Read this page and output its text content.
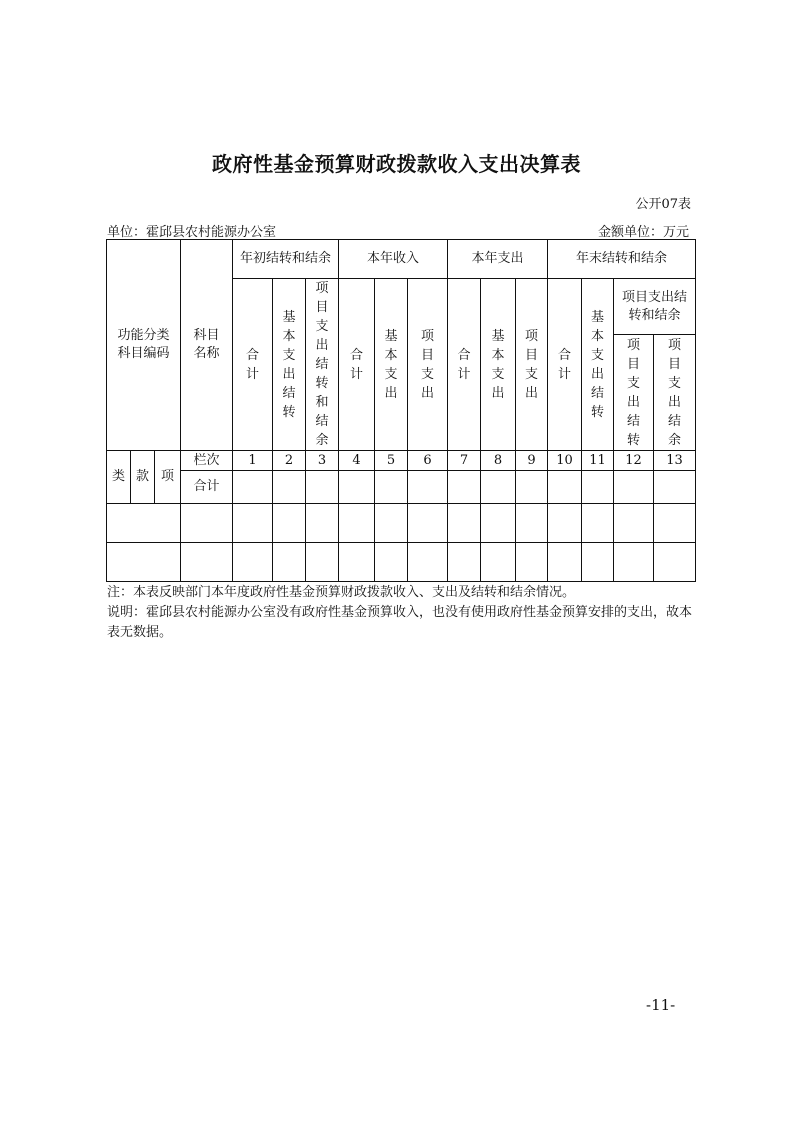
政府性基金预算财政拨款收入支出决算表
公开07表
单位：霍邱县农村能源办公室	金额单位：万元
功能分类科目编码			科目名称	年初结转和结余			本年收入			本年支出			年末结转和结余			
				合计	基本支出结转	项目支出结转和结余	合计	基本支出	项目支出	合计	基本支出	项目支出	合计	基本支出结转	项目支出结转和结余	
															项目支出结转	项目支出结余
类	款	项	栏次	1	2	3	4	5	6	7	8	9	10	11	12	13
			合计													

注：本表反映部门本年度政府性基金预算财政拨款收入、支出及结转和结余情况。
说明：霍邱县农村能源办公室没有政府性基金预算收入，也没有使用政府性基金预算安排的支出，故本表无数据。
-11-
